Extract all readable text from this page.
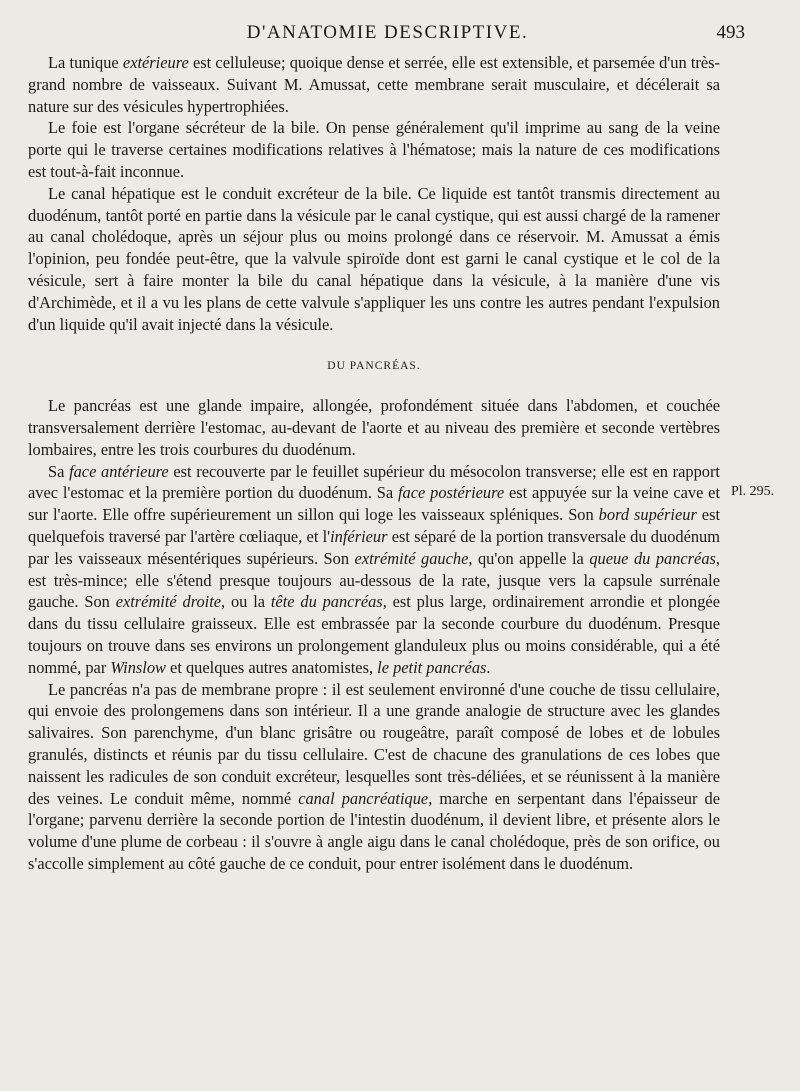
D'ANATOMIE DESCRIPTIVE.	493
Pl. 295.

La tunique extérieure est celluleuse; quoique dense et serrée, elle est extensible, et parsemée d'un très-grand nombre de vaisseaux. Suivant M. Amussat, cette membrane serait musculaire, et décélerait sa nature sur des vésicules hypertrophiées.

Le foie est l'organe sécréteur de la bile. On pense généralement qu'il imprime au sang de la veine porte qui le traverse certaines modifications relatives à l'hématose; mais la nature de ces modifications est tout-à-fait inconnue.

Le canal hépatique est le conduit excréteur de la bile. Ce liquide est tantôt transmis directement au duodénum, tantôt porté en partie dans la vésicule par le canal cystique, qui est aussi chargé de la ramener au canal cholédoque, après un séjour plus ou moins prolongé dans ce réservoir. M. Amussat a émis l'opinion, peu fondée peut-être, que la valvule spiroïde dont est garni le canal cystique et le col de la vésicule, sert à faire monter la bile du canal hépatique dans la vésicule, à la manière d'une vis d'Archimède, et il a vu les plans de cette valvule s'appliquer les uns contre les autres pendant l'expulsion d'un liquide qu'il avait injecté dans la vésicule.

DU PANCRÉAS.

Le pancréas est une glande impaire, allongée, profondément située dans l'abdomen, et couchée transversalement derrière l'estomac, au-devant de l'aorte et au niveau des première et seconde vertèbres lombaires, entre les trois courbures du duodénum.

Sa face antérieure est recouverte par le feuillet supérieur du mésocolon transverse; elle est en rapport avec l'estomac et la première portion du duodénum. Sa face postérieure est appuyée sur la veine cave et sur l'aorte. Elle offre supérieurement un sillon qui loge les vaisseaux spléniques. Son bord supérieur est quelquefois traversé par l'artère cœliaque, et l'inférieur est séparé de la portion transversale du duodénum par les vaisseaux mésentériques supérieurs. Son extrémité gauche, qu'on appelle la queue du pancréas, est très-mince; elle s'étend presque toujours au-dessous de la rate, jusque vers la capsule surrénale gauche. Son extrémité droite, ou la tête du pancréas, est plus large, ordinairement arrondie et plongée dans du tissu cellulaire graisseux. Elle est embrassée par la seconde courbure du duodénum. Presque toujours on trouve dans ses environs un prolongement glanduleux plus ou moins considérable, qui a été nommé, par Winslow et quelques autres anatomistes, le petit pancréas.

Le pancréas n'a pas de membrane propre : il est seulement environné d'une couche de tissu cellulaire, qui envoie des prolongemens dans son intérieur. Il a une grande analogie de structure avec les glandes salivaires. Son parenchyme, d'un blanc grisâtre ou rougeâtre, paraît composé de lobes et de lobules granulés, distincts et réunis par du tissu cellulaire. C'est de chacune des granulations de ces lobes que naissent les radicules de son conduit excréteur, lesquelles sont très-déliées, et se réunissent à la manière des veines. Le conduit même, nommé canal pancréatique, marche en serpentant dans l'épaisseur de l'organe; parvenu derrière la seconde portion de l'intestin duodénum, il devient libre, et présente alors le volume d'une plume de corbeau : il s'ouvre à angle aigu dans le canal cholédoque, près de son orifice, ou s'accolle simplement au côté gauche de ce conduit, pour entrer isolément dans le duodénum.
